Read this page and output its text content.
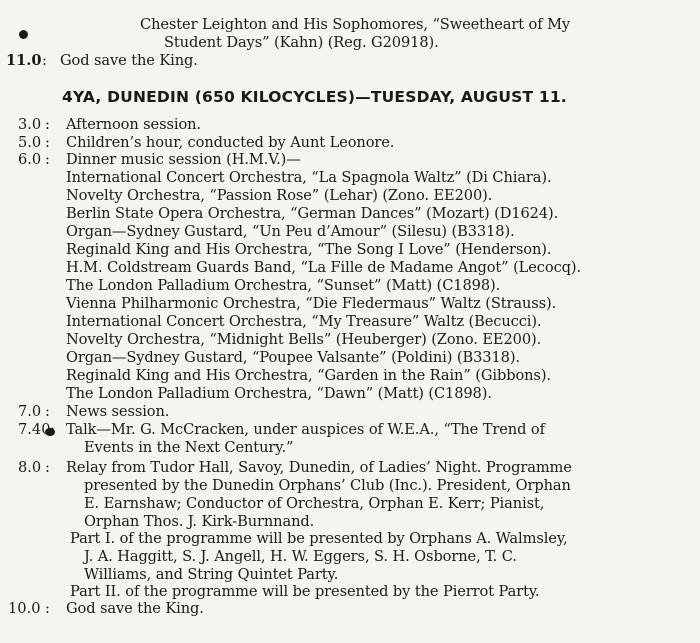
Chester Leighton and His Sophomores, “Sweetheart of My
Student Days” (Kahn) (Reg. G20918).
11.0 : God save the King.
4YA, DUNEDIN (650 KILOCYCLES)—TUESDAY, AUGUST 11.
3.0 : Afternoon session.
5.0 : Children’s hour, conducted by Aunt Leonore.
6.0 : Dinner music session (H.M.V.)—
International Concert Orchestra, “La Spagnola Waltz” (Di Chiara).
Novelty Orchestra, “Passion Rose” (Lehar) (Zono. EE200).
Berlin State Opera Orchestra, “German Dances” (Mozart) (D1624).
Organ—Sydney Gustard, “Un Peu d’Amour” (Silesu) (B3318).
Reginald King and His Orchestra, “The Song I Love” (Henderson).
H.M. Coldstream Guards Band, “La Fille de Madame Angot” (Lecocq).
The London Palladium Orchestra, “Sunset” (Matt) (C1898).
Vienna Philharmonic Orchestra, “Die Fledermaus” Waltz (Strauss).
International Concert Orchestra, “My Treasure” Waltz (Becucci).
Novelty Orchestra, “Midnight Bells” (Heuberger) (Zono. EE200).
Organ—Sydney Gustard, “Poupee Valsante” (Poldini) (B3318).
Reginald King and His Orchestra, “Garden in the Rain” (Gibbons).
The London Palladium Orchestra, “Dawn” (Matt) (C1898).
7.0 : News session.
7.40 : Talk—Mr. G. McCracken, under auspices of W.E.A., “The Trend of
Events in the Next Century.”
8.0 : Relay from Tudor Hall, Savoy, Dunedin, of Ladies’ Night. Programme
presented by the Dunedin Orphans’ Club (Inc.). President, Orphan
E. Earnshaw; Conductor of Orchestra, Orphan E. Kerr; Pianist,
Orphan Thos. J. Kirk-Burnnand.
Part I. of the programme will be presented by Orphans A. Walmsley,
J. A. Haggitt, S. J. Angell, H. W. Eggers, S. H. Osborne, T. C.
Williams, and String Quintet Party.
Part II. of the programme will be presented by the Pierrot Party.
10.0 : God save the King.
